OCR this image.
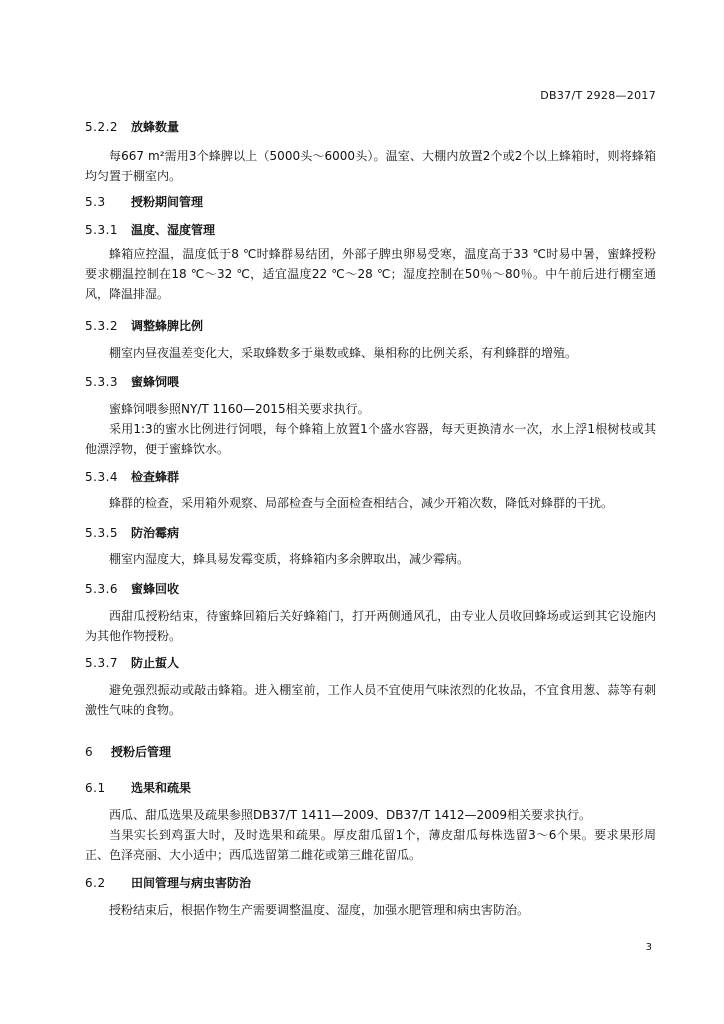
DB37/T 2928—2017
5.2.2 放蜂数量
每667 m²需用3个蜂脾以上（5000头～6000头）。温室、大棚内放置2个或2个以上蜂箱时，则将蜂箱均匀置于棚室内。
5.3	授粉期间管理
5.3.1 温度、湿度管理
蜂箱应控温，温度低于8 ℃时蜂群易结团，外部子脾虫卵易受寒，温度高于33 ℃时易中暑，蜜蜂授粉要求棚温控制在18 ℃～32 ℃，适宜温度22 ℃～28 ℃；湿度控制在50％～80％。中午前后进行棚室通风，降温排湿。
5.3.2 调整蜂脾比例
棚室内昼夜温差变化大，采取蜂数多于巢数或蜂、巢相称的比例关系，有利蜂群的增殖。
5.3.3 蜜蜂饲喂
蜜蜂饲喂参照NY/T 1160—2015相关要求执行。
采用1:3的蜜水比例进行饲喂，每个蜂箱上放置1个盛水容器，每天更换清水一次，水上浮1根树枝或其他漂浮物，便于蜜蜂饮水。
5.3.4 检查蜂群
蜂群的检查，采用箱外观察、局部检查与全面检查相结合，减少开箱次数，降低对蜂群的干扰。
5.3.5 防治霉病
棚室内湿度大，蜂具易发霉变质，将蜂箱内多余脾取出，减少霉病。
5.3.6 蜜蜂回收
西甜瓜授粉结束，待蜜蜂回箱后关好蜂箱门，打开两侧通风孔，由专业人员收回蜂场或运到其它设施内为其他作物授粉。
5.3.7 防止蜇人
避免强烈振动或敲击蜂箱。进入棚室前，工作人员不宜使用气味浓烈的化妆品，不宜食用葱、蒜等有刺激性气味的食物。
6	授粉后管理
6.1	选果和疏果
西瓜、甜瓜选果及疏果参照DB37/T 1411—2009、DB37/T 1412—2009相关要求执行。
当果实长到鸡蛋大时，及时选果和疏果。厚皮甜瓜留1个，薄皮甜瓜每株选留3～6个果。要求果形周正、色泽亮丽、大小适中；西瓜选留第二雌花或第三雌花留瓜。
6.2	田间管理与病虫害防治
授粉结束后，根据作物生产需要调整温度、湿度，加强水肥管理和病虫害防治。
3
